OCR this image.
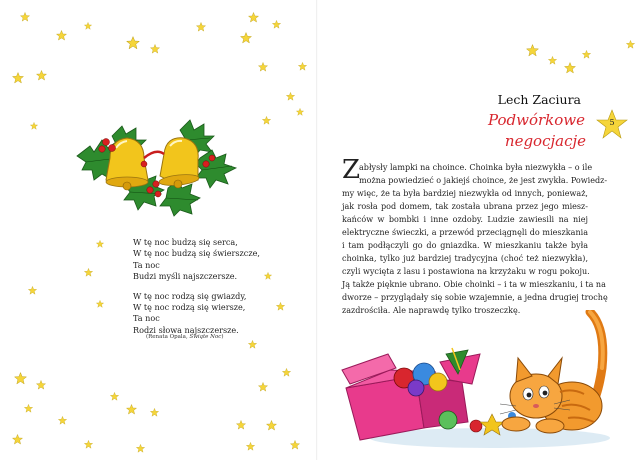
W tę noc budzą się serca,
W tę noc budzą się świerszcze,
Ta noc
Budzi myśli najszczersze.
W tę noc rodzą się gwiazdy,
W tę noc rodzą się wiersze,
Ta noc
Rodzi słowa najszczersze.
(Renata Opala, Świąte Noc)
Lech Zaciura
Podwórkowe
negocjacje
5
Z
abłysły lampki na choince. Choinka była niezwykła – o ile
można powiedzieć o jakiejś choince, że jest zwykła. Powiedz-
my więc, że ta była bardziej niezwykła od innych, ponieważ,
jak rosła pod domem, tak została ubrana przez jego miesz-
kańców w bombki i inne ozdoby. Ludzie zawiesili na niej
elektryczne świeczki, a przewód przeciągnęli do mieszkania
i tam podłączyli go do gniazdka. W mieszkaniu także była
choinka, tylko już bardziej tradycyjna (choć też niezwykła),
czyli wycięta z lasu i postawiona na krzyżaku w rogu pokoju.
Ją także pięknie ubrano. Obie choinki – i ta w mieszkaniu, i ta na
dworze – przyglądały się sobie wzajemnie, a jedna drugiej trochę
zazdrościła. Ale naprawdę tylko troszeczkę.
